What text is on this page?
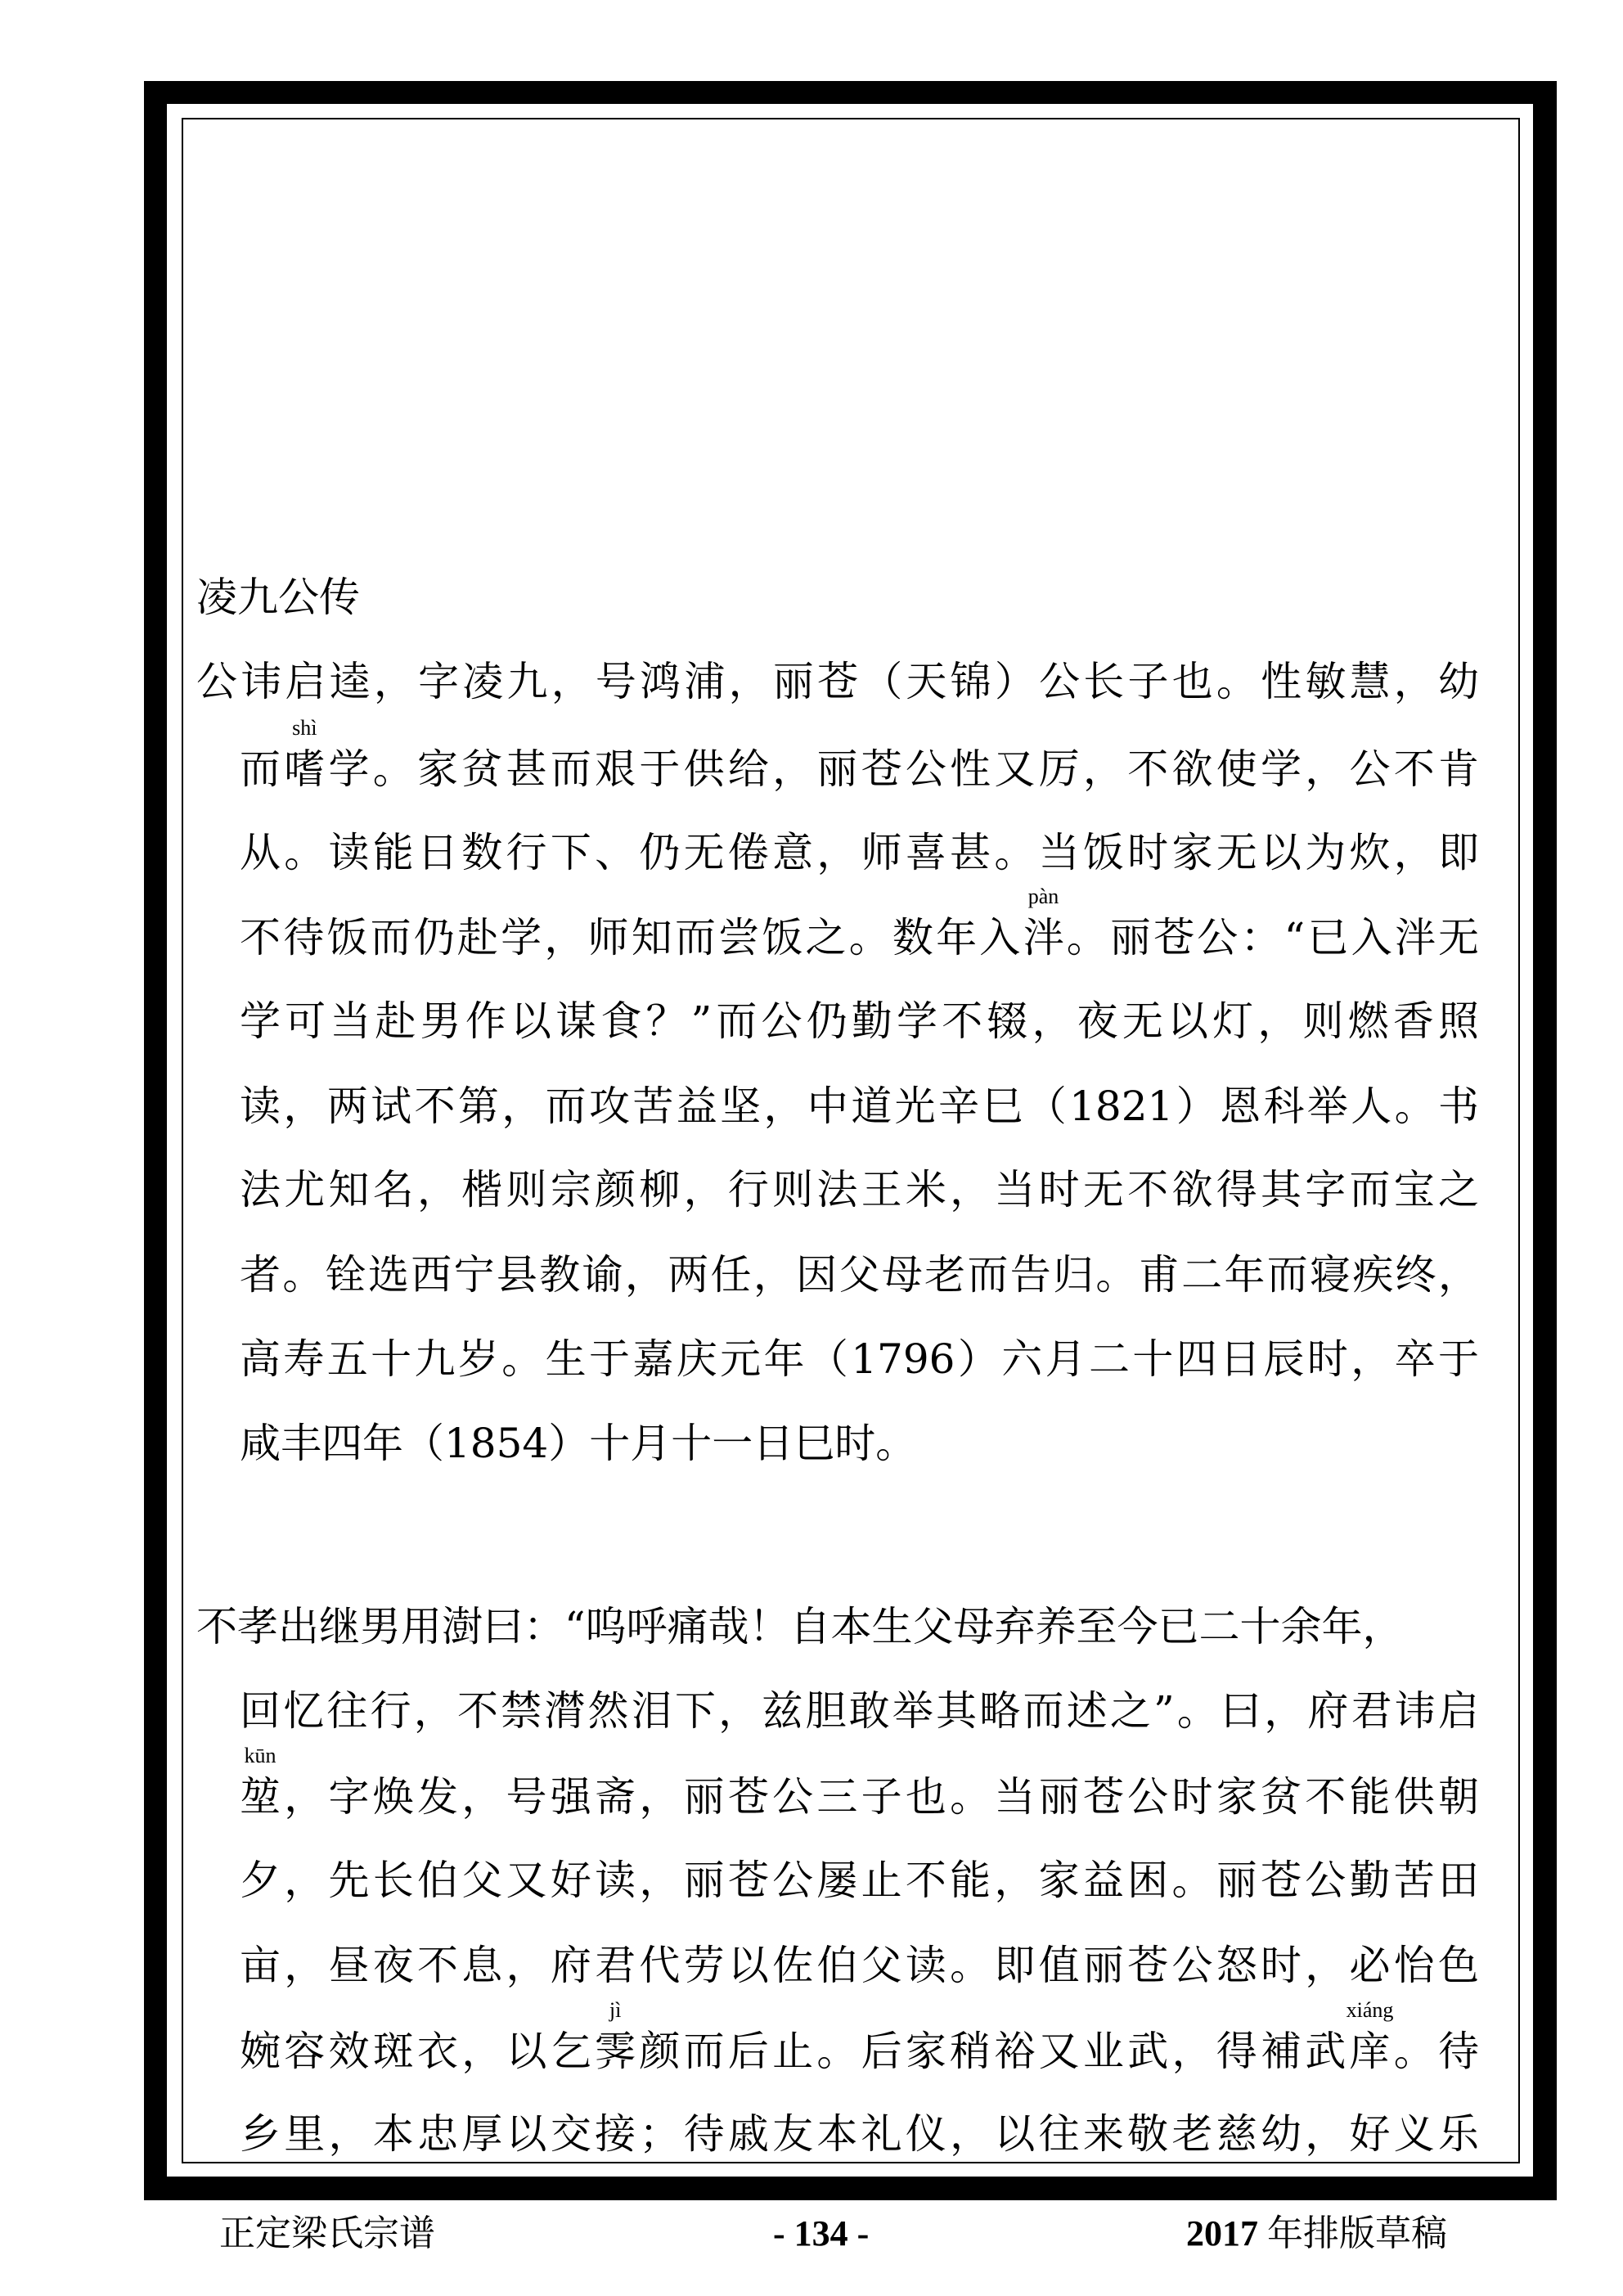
凌九公传
公讳启逵，字凌九，号鸿浦，丽苍（天锦）公长子也。性敏慧，幼
而
shì
嗜学。家贫甚而艰于供给，丽苍公性又厉，不欲使学，公不肯
从。读能日数行下、仍无倦意，师喜甚。当饭时家无以为炊，即
不待饭而仍赴学，师知而尝饭之。数年入
pàn
泮。丽苍公：“已入泮无
学可当赴男作以谋食？”而公仍勤学不辍，夜无以灯，则燃香照
读，两试不第，而攻苦益坚，中道光辛巳（1821）恩科举人。书
法尤知名，楷则宗颜柳，行则法王米，当时无不欲得其字而宝之
者。铨选西宁县教谕，两任，因父母老而告归。甫二年而寝疾终，
高寿五十九岁。生于嘉庆元年（1796）六月二十四日辰时，卒于
咸丰四年（1854）十月十一日巳时。
不孝出继男用澍曰：“呜呼痛哉！自本生父母弃养至今已二十余年，
回忆往行，不禁潸然泪下，兹胆敢举其略而述之”。曰，府君讳启
kūn
堃，字焕发，号强斋，丽苍公三子也。当丽苍公时家贫不能供朝
夕，先长伯父又好读，丽苍公屡止不能，家益困。丽苍公勤苦田
亩，昼夜不息，府君代劳以佐伯父读。即值丽苍公怒时，必怡色
婉容效斑衣，以乞
jì
霁颜而后止。后家稍裕又业武，得補武
xiáng
庠。待
乡里，本忠厚以交接；待戚友本礼仪，以往来敬老慈幼，好义乐
正定梁氏宗谱	- 134 -	2017 年排版草稿
